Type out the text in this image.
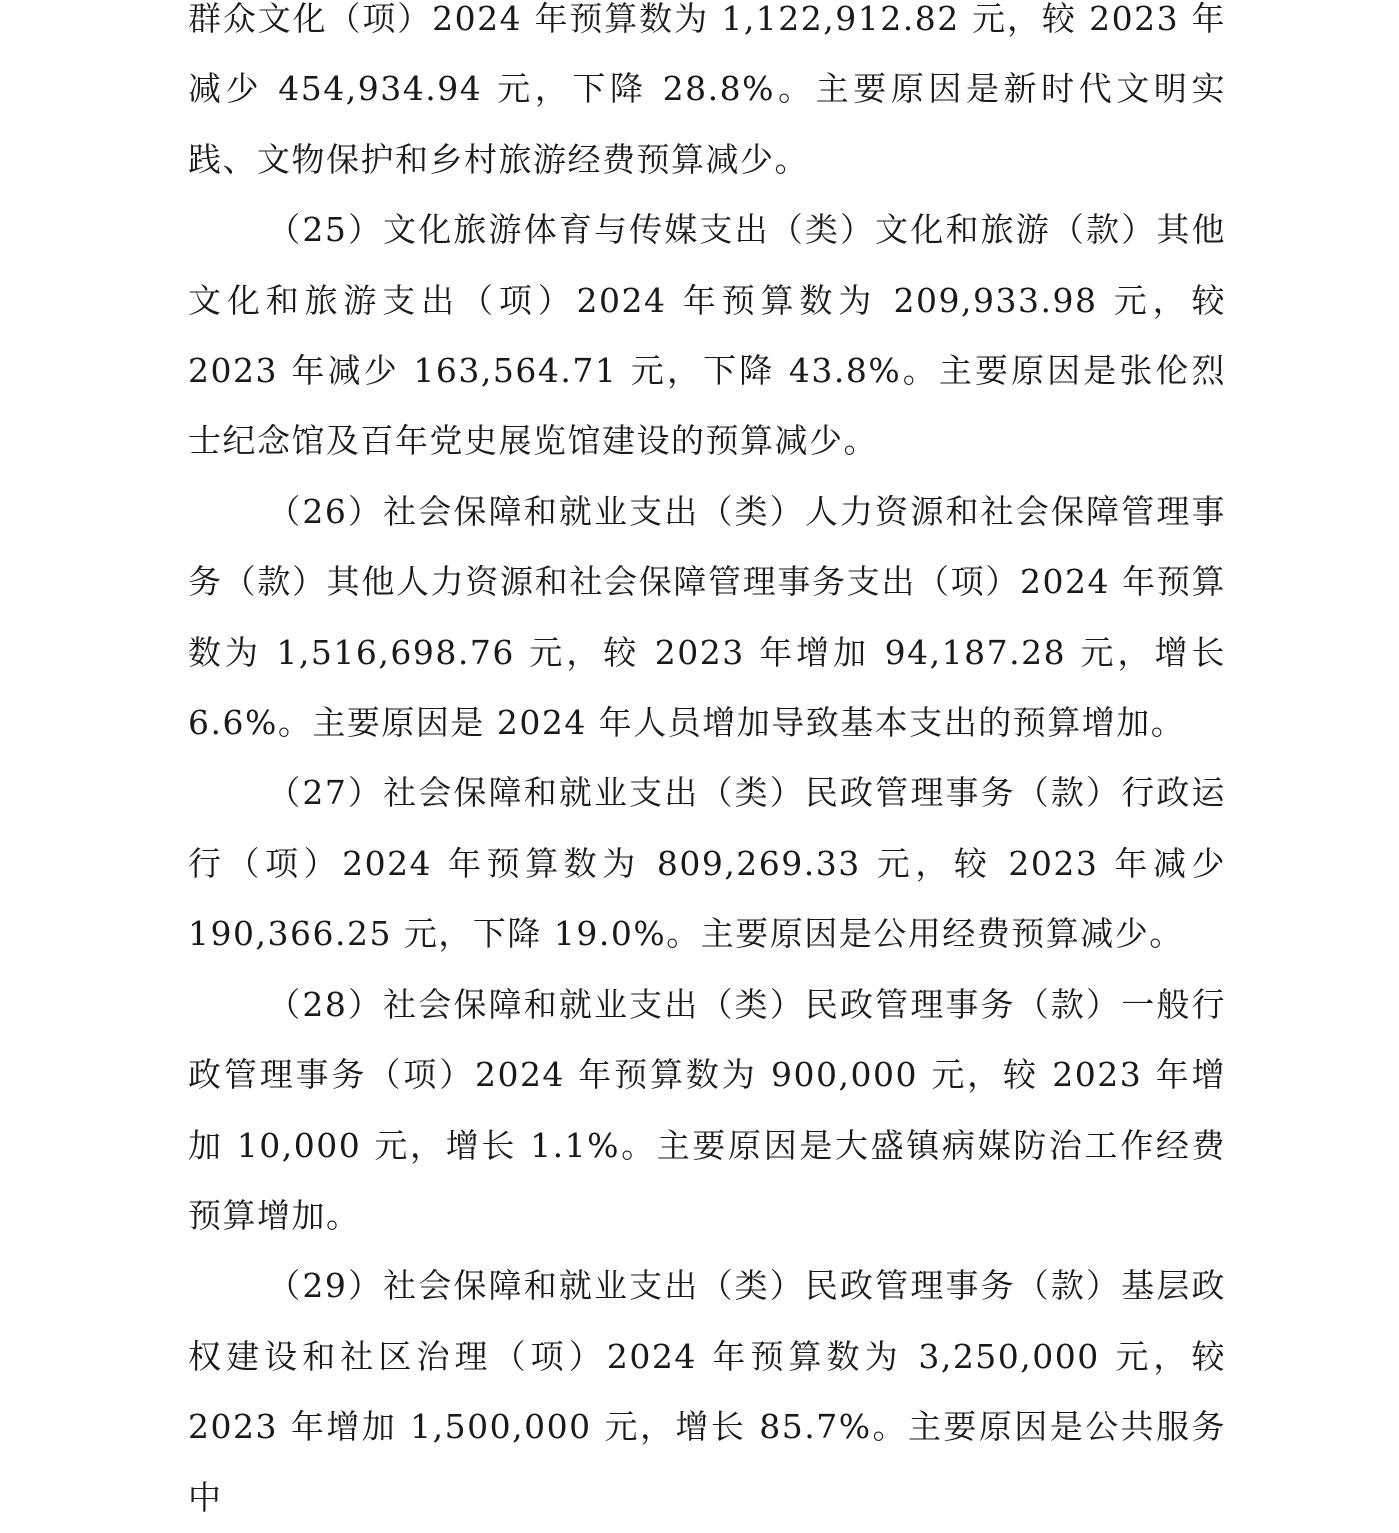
群众文化（项）2024 年预算数为 1,122,912.82 元，较 2023 年减少 454,934.94 元，下降 28.8%。主要原因是新时代文明实践、文物保护和乡村旅游经费预算减少。

（25）文化旅游体育与传媒支出（类）文化和旅游（款）其他文化和旅游支出（项）2024 年预算数为 209,933.98 元，较 2023 年减少 163,564.71 元，下降 43.8%。主要原因是张伦烈士纪念馆及百年党史展览馆建设的预算减少。

（26）社会保障和就业支出（类）人力资源和社会保障管理事务（款）其他人力资源和社会保障管理事务支出（项）2024 年预算数为 1,516,698.76 元，较 2023 年增加 94,187.28 元，增长 6.6%。主要原因是 2024 年人员增加导致基本支出的预算增加。

（27）社会保障和就业支出（类）民政管理事务（款）行政运行（项）2024 年预算数为 809,269.33 元，较 2023 年减少 190,366.25 元，下降 19.0%。主要原因是公用经费预算减少。

（28）社会保障和就业支出（类）民政管理事务（款）一般行政管理事务（项）2024 年预算数为 900,000 元，较 2023 年增加 10,000 元，增长 1.1%。主要原因是大盛镇病媒防治工作经费预算增加。

（29）社会保障和就业支出（类）民政管理事务（款）基层政权建设和社区治理（项）2024 年预算数为 3,250,000 元，较 2023 年增加 1,500,000 元，增长 85.7%。主要原因是公共服务中
